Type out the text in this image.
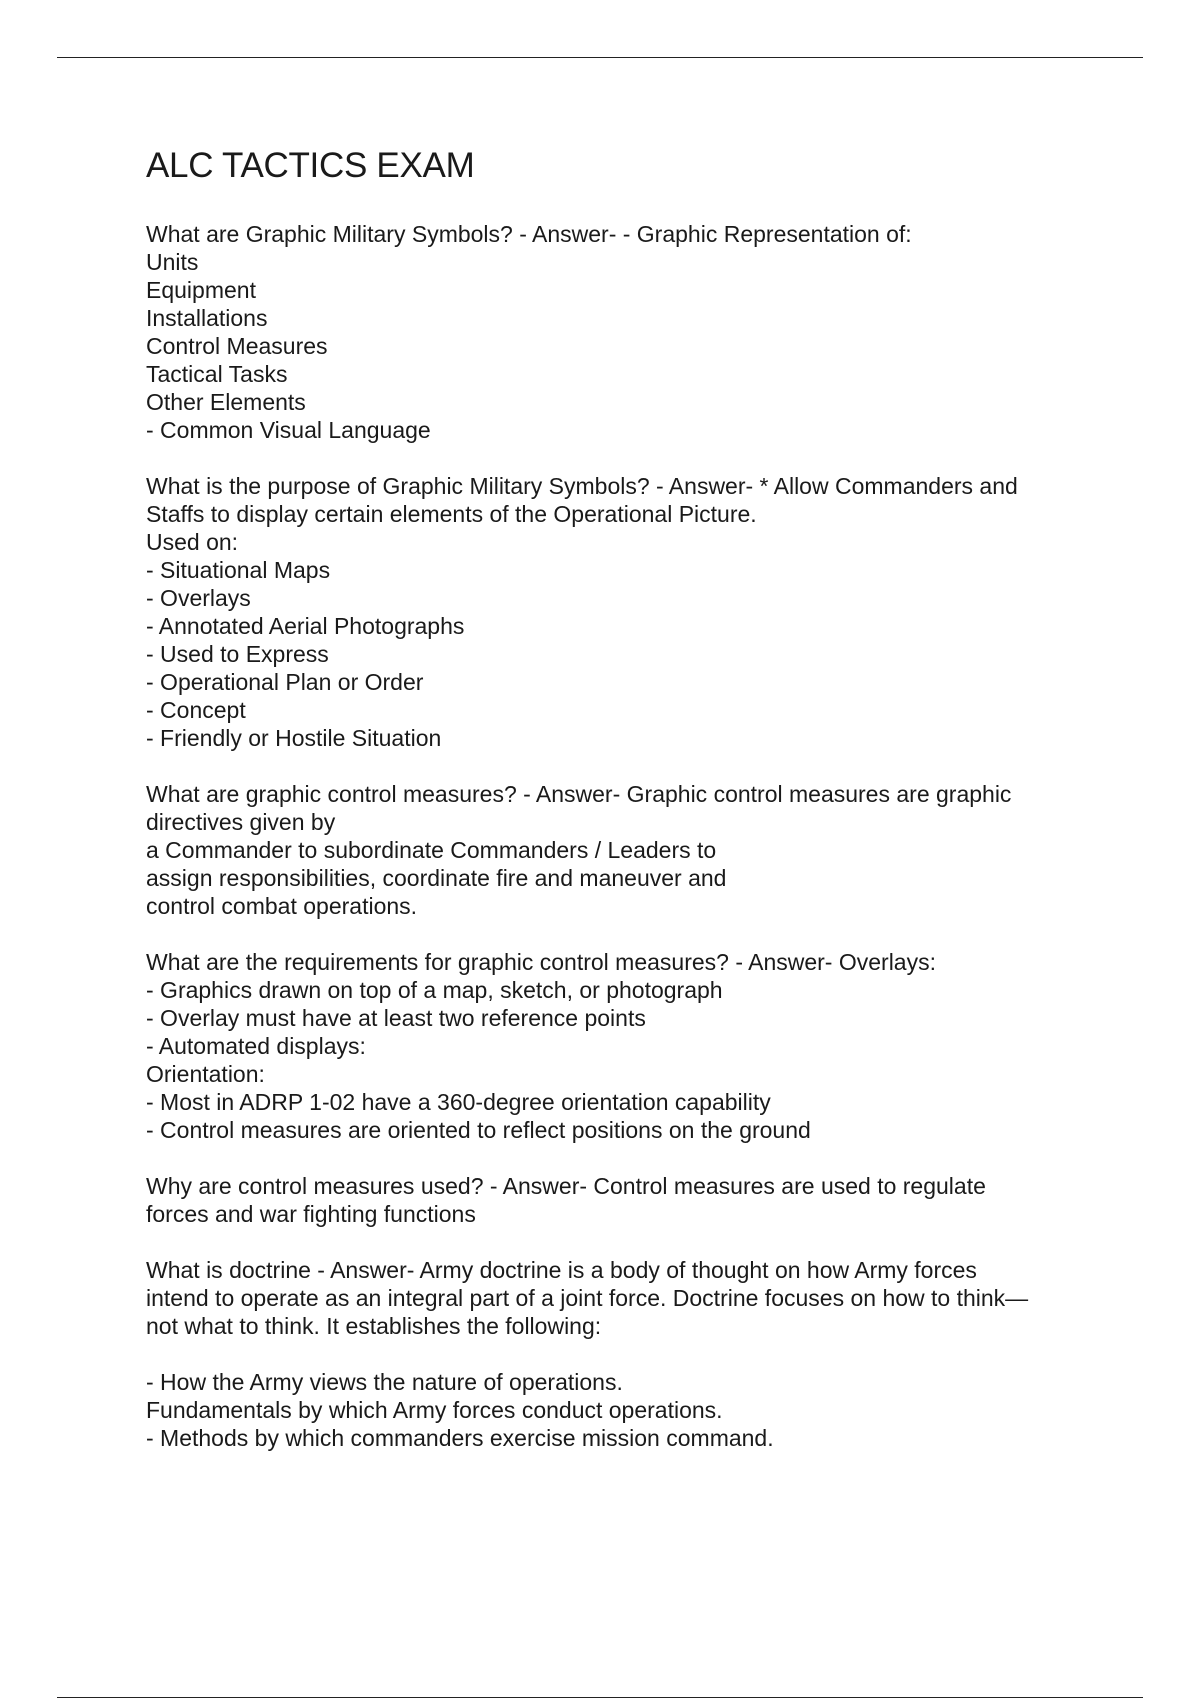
ALC TACTICS EXAM
What are Graphic Military Symbols? - Answer- - Graphic Representation of:
Units
Equipment
Installations
Control Measures
Tactical Tasks
Other Elements
- Common Visual Language
What is the purpose of Graphic Military Symbols? - Answer- * Allow Commanders and
Staffs to display certain elements of the Operational Picture.
Used on:
- Situational Maps
- Overlays
- Annotated Aerial Photographs
- Used to Express
- Operational Plan or Order
- Concept
- Friendly or Hostile Situation
What are graphic control measures? - Answer- Graphic control measures are graphic
directives given by
a Commander to subordinate Commanders / Leaders to
assign responsibilities, coordinate fire and maneuver and
control combat operations.
What are the requirements for graphic control measures? - Answer- Overlays:
- Graphics drawn on top of a map, sketch, or photograph
- Overlay must have at least two reference points
- Automated displays:
Orientation:
- Most in ADRP 1-02 have a 360-degree orientation capability
- Control measures are oriented to reflect positions on the ground
Why are control measures used? - Answer- Control measures are used to regulate
forces and war fighting functions
What is doctrine - Answer- Army doctrine is a body of thought on how Army forces
intend to operate as an integral part of a joint force. Doctrine focuses on how to think—
not what to think. It establishes the following:
- How the Army views the nature of operations.
Fundamentals by which Army forces conduct operations.
- Methods by which commanders exercise mission command.
